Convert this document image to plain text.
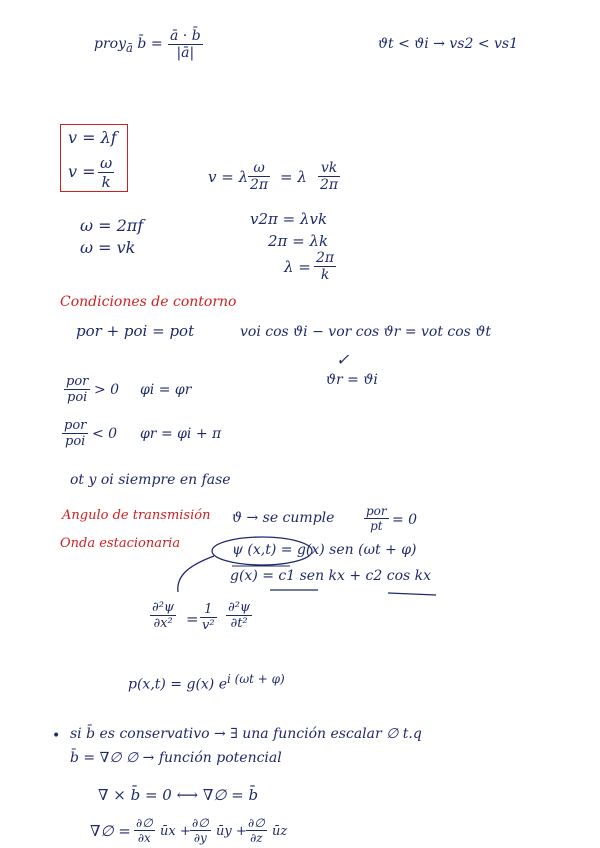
proy$_ā$ b̄ = $\frac{ā \cdot b̄}{|ā|}$	ϑt < ϑi → vs2 < vs1
v = λf
$v = \frac{\omega}{k}$
ω = 2πf
ω = vk
v = λ $\frac{\omega}{2\pi} = \lambda \frac{vk}{2\pi}$
v2π = λvk
2π = λk
$\lambda = \frac{2\pi}{k}$
Condiciones de contorno
por + poi = pot	voi cos ϑi − vor cos ϑr = vot cos ϑt
✓
ϑr = ϑi
por
poi > 0 φi = φr
por
poi < 0 φr = φi + π
ot y oi siempre en fase
Angulo de transmisión ϑ → se cumple	por
pt = 0
Onda estacionaria	ψ (x,t) = g(x) sen (ωt + φ)
g(x) = c1 sen kx + c2 cos kx
$\frac{\text{∂²ψ}}{\text{∂x²}} = \frac{1}{\text{v²}} \frac{\text{∂²ψ}}{\text{∂t²}}$
p(x,t) = g(x) $e^{i (\omega t + \varphi)}$
• si b̄ es conservativo → ∃ una función escalar ∅ t.q
b̄ = ∇∅ ∅ → función potencial
∇ × b̄ = 0 ⟷ ∇∅ = b̄
∇∅ = ∂∅
∂x ūx +
∂∅
∂y ūy +
∂∅
∂z ūz
